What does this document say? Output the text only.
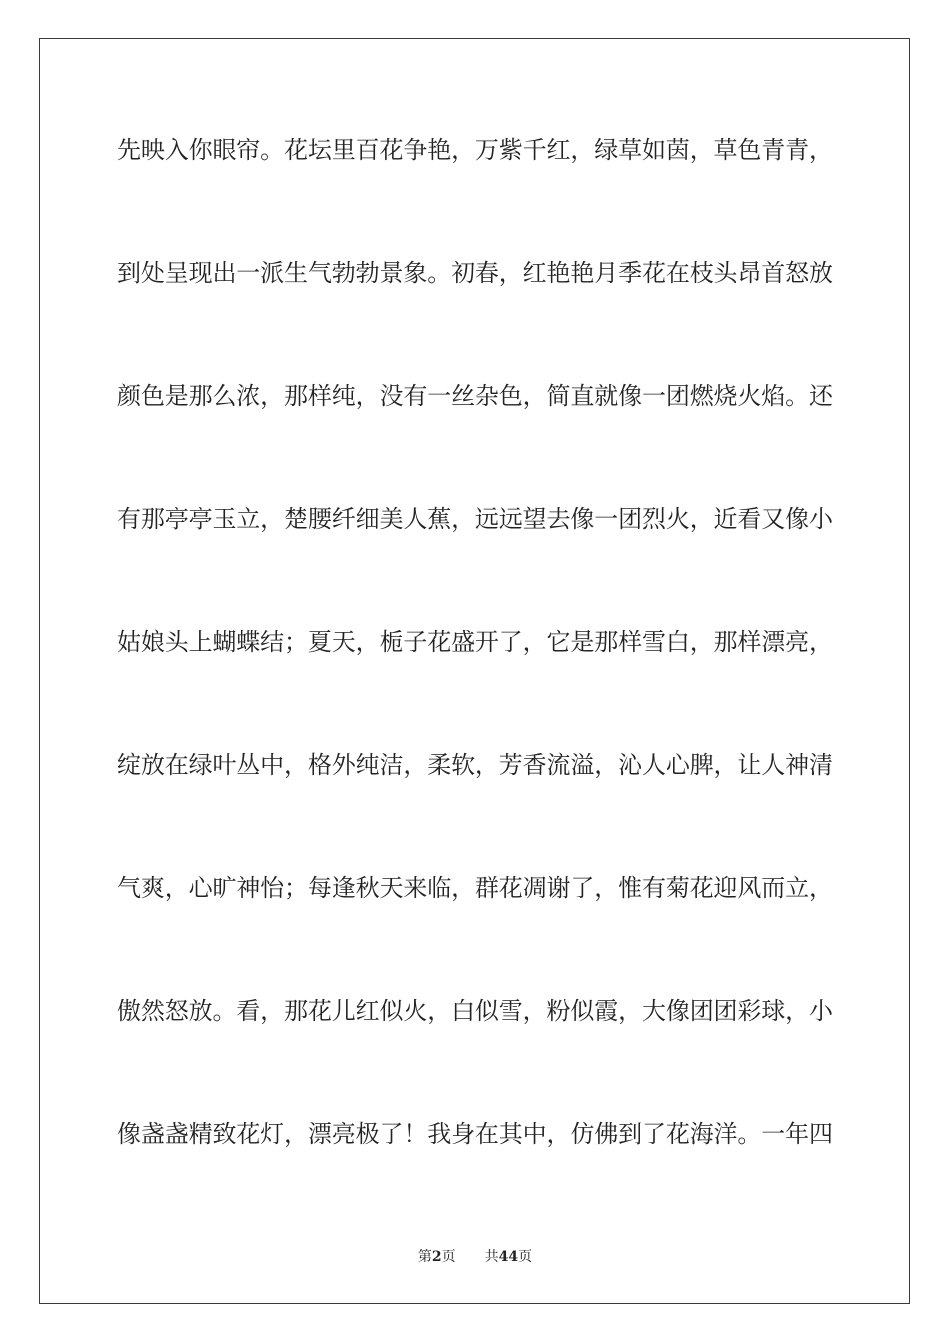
先映入你眼帘。花坛里百花争艳，万紫千红，绿草如茵，草色青青，

到处呈现出一派生气勃勃景象。初春，红艳艳月季花在枝头昂首怒放

颜色是那么浓，那样纯，没有一丝杂色，简直就像一团燃烧火焰。还

有那亭亭玉立，楚腰纤细美人蕉，远远望去像一团烈火，近看又像小

姑娘头上蝴蝶结；夏天，栀子花盛开了，它是那样雪白，那样漂亮，

绽放在绿叶丛中，格外纯洁，柔软，芳香流溢，沁人心脾，让人神清

气爽，心旷神怡；每逢秋天来临，群花凋谢了，惟有菊花迎风而立，

傲然怒放。看，那花儿红似火，白似雪，粉似霞，大像团团彩球，小

像盏盏精致花灯，漂亮极了！我身在其中，仿佛到了花海洋。一年四

第2页 共44页
